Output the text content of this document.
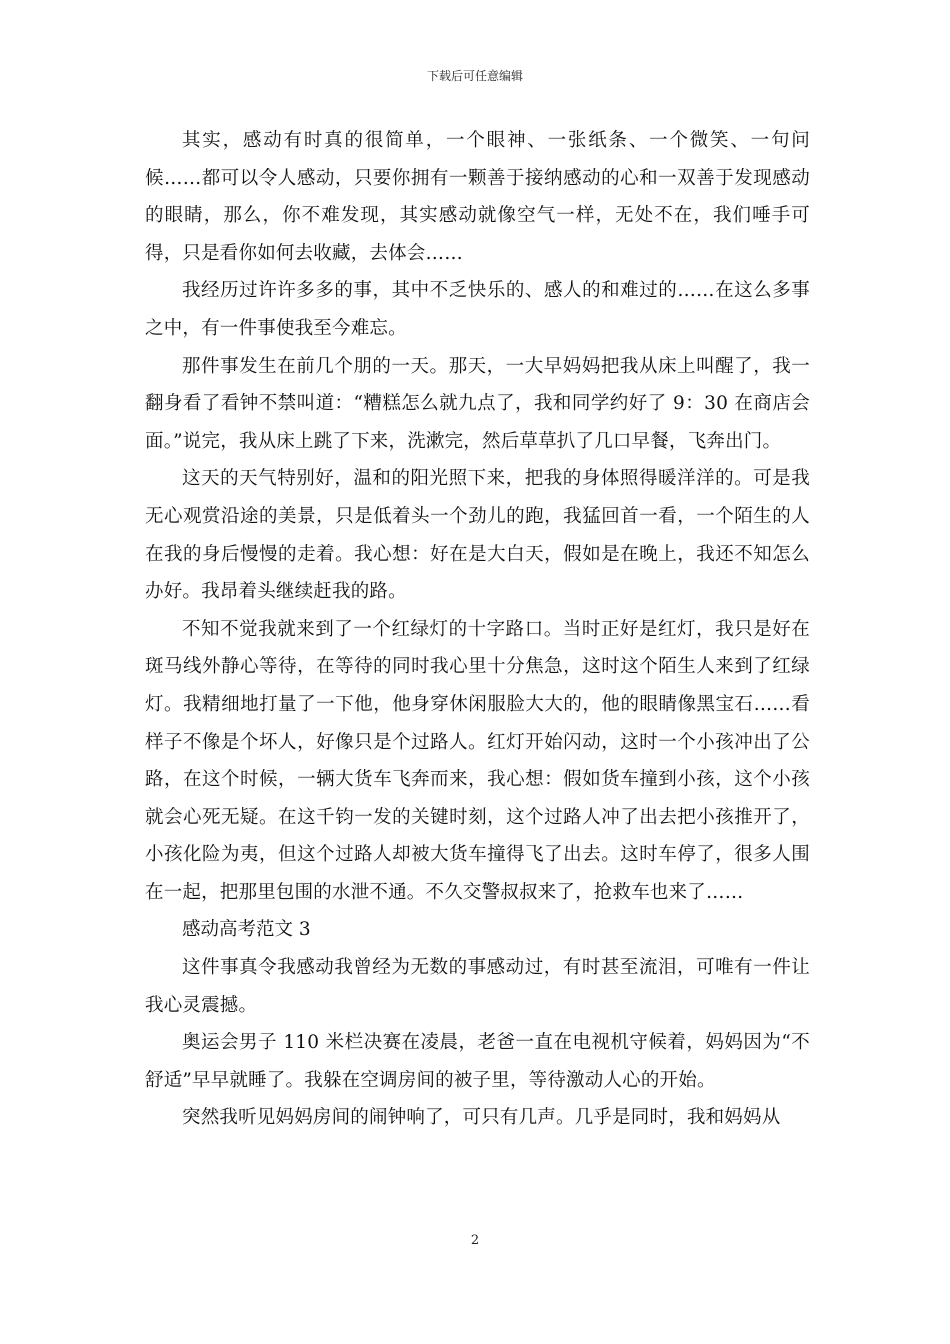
下载后可任意编辑

其实，感动有时真的很简单，一个眼神、一张纸条、一个微笑、一句问候……都可以令人感动，只要你拥有一颗善于接纳感动的心和一双善于发现感动的眼睛，那么，你不难发现，其实感动就像空气一样，无处不在，我们唾手可得，只是看你如何去收藏，去体会……

我经历过许许多多的事，其中不乏快乐的、感人的和难过的……在这么多事之中，有一件事使我至今难忘。

那件事发生在前几个朋的一天。那天，一大早妈妈把我从床上叫醒了，我一翻身看了看钟不禁叫道：“糟糕怎么就九点了，我和同学约好了 9：30 在商店会面。”说完，我从床上跳了下来，洗漱完，然后草草扒了几口早餐，飞奔出门。

这天的天气特别好，温和的阳光照下来，把我的身体照得暖洋洋的。可是我无心观赏沿途的美景，只是低着头一个劲儿的跑，我猛回首一看，一个陌生的人在我的身后慢慢的走着。我心想：好在是大白天，假如是在晚上，我还不知怎么办好。我昂着头继续赶我的路。

不知不觉我就来到了一个红绿灯的十字路口。当时正好是红灯，我只是好在斑马线外静心等待，在等待的同时我心里十分焦急，这时这个陌生人来到了红绿灯。我精细地打量了一下他，他身穿休闲服脸大大的，他的眼睛像黑宝石……看样子不像是个坏人，好像只是个过路人。红灯开始闪动，这时一个小孩冲出了公路，在这个时候，一辆大货车飞奔而来，我心想：假如货车撞到小孩，这个小孩就会心死无疑。在这千钧一发的关键时刻，这个过路人冲了出去把小孩推开了，小孩化险为夷，但这个过路人却被大货车撞得飞了出去。这时车停了，很多人围在一起，把那里包围的水泄不通。不久交警叔叔来了，抢救车也来了……

感动高考范文 3

这件事真令我感动我曾经为无数的事感动过，有时甚至流泪，可唯有一件让我心灵震撼。

奥运会男子 110 米栏决赛在凌晨，老爸一直在电视机守候着，妈妈因为“不舒适”早早就睡了。我躲在空调房间的被子里，等待激动人心的开始。

突然我听见妈妈房间的闹钟响了，可只有几声。几乎是同时，我和妈妈从

2
